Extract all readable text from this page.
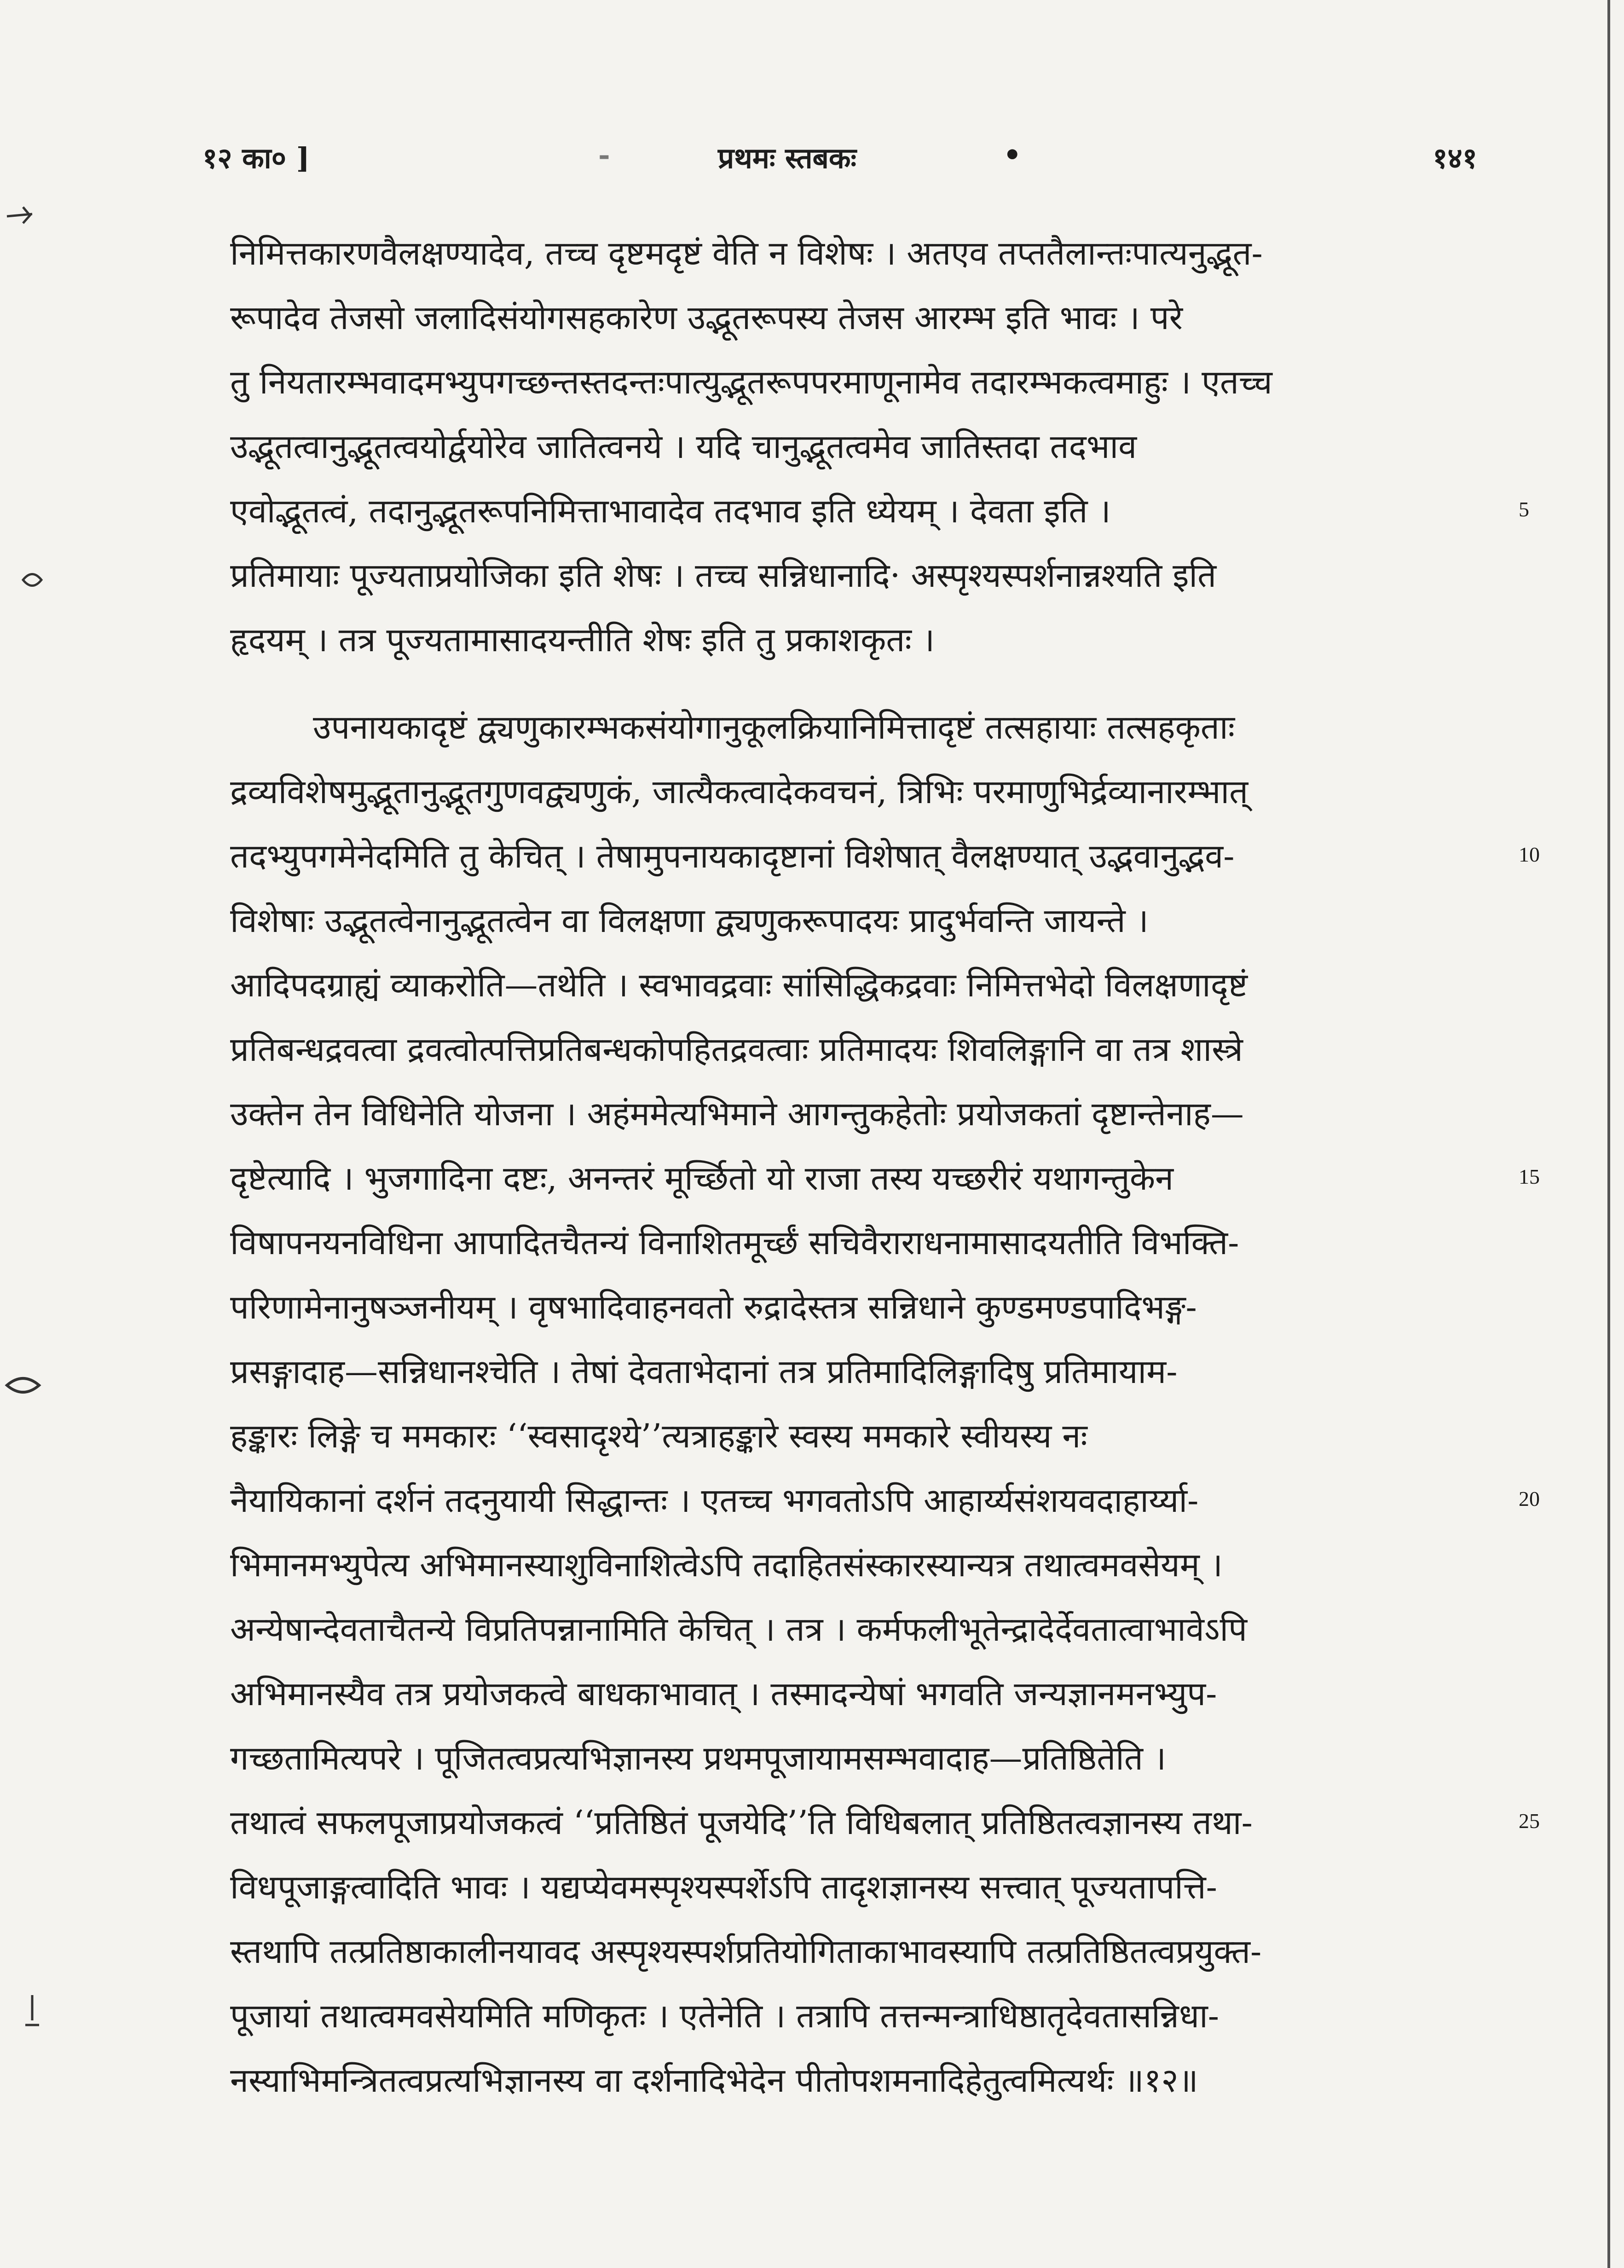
१२ का० ]	-	प्रथमः स्तबकः	•	१४१
निमित्तकारणवैलक्षण्यादेव, तच्च दृष्टमदृष्टं वेति न विशेषः । अतएव तप्ततैलान्तःपात्यनुद्भूत-
रूपादेव तेजसो जलादिसंयोगसहकारेण उद्भूतरूपस्य तेजस आरम्भ इति भावः । परे
तु नियतारम्भवादमभ्युपगच्छन्तस्तदन्तःपात्युद्भूतरूपपरमाणूनामेव तदारम्भकत्वमाहुः । एतच्च
उद्भूतत्वानुद्भूतत्वयोर्द्वयोरेव जातित्वनये । यदि चानुद्भूतत्वमेव जातिस्तदा तदभाव
एवोद्भूतत्वं, तदानुद्भूतरूपनिमित्ताभावादेव तदभाव इति ध्येयम् । देवता इति ।
प्रतिमायाः पूज्यताप्रयोजिका इति शेषः । तच्च सन्निधानादि· अस्पृश्यस्पर्शनान्नश्यति इति
हृदयम् । तत्र पूज्यतामासादयन्तीति शेषः इति तु प्रकाशकृतः ।
उपनायकादृष्टं द्व्यणुकारम्भकसंयोगानुकूलक्रियानिमित्तादृष्टं तत्सहायाः तत्सहकृताः
द्रव्यविशेषमुद्भूतानुद्भूतगुणवद्व्यणुकं, जात्यैकत्वादेकवचनं, त्रिभिः परमाणुभिर्द्रव्यानारम्भात्
तदभ्युपगमेनेदमिति तु केचित् । तेषामुपनायकादृष्टानां विशेषात् वैलक्षण्यात् उद्भवानुद्भव-
विशेषाः उद्भूतत्वेनानुद्भूतत्वेन वा विलक्षणा द्व्यणुकरूपादयः प्रादुर्भवन्ति जायन्ते ।
आदिपदग्राह्यं व्याकरोति—तथेति । स्वभावद्रवाः सांसिद्धिकद्रवाः निमित्तभेदो विलक्षणादृष्टं
प्रतिबन्धद्रवत्वा द्रवत्वोत्पत्तिप्रतिबन्धकोपहितद्रवत्वाः प्रतिमादयः शिवलिङ्गानि वा तत्र शास्त्रे
उक्तेन तेन विधिनेति योजना । अहंममेत्यभिमाने आगन्तुकहेतोः प्रयोजकतां दृष्टान्तेनाह—
दृष्टेत्यादि । भुजगादिना दष्टः, अनन्तरं मूर्च्छितो यो राजा तस्य यच्छरीरं यथागन्तुकेन
विषापनयनविधिना आपादितचैतन्यं विनाशितमूर्च्छं सचिवैराराधनामासादयतीति विभक्ति-
परिणामेनानुषञ्जनीयम् । वृषभादिवाहनवतो रुद्रादेस्तत्र सन्निधाने कुण्डमण्डपादिभङ्ग-
प्रसङ्गादाह—सन्निधानश्चेति । तेषां देवताभेदानां तत्र प्रतिमादिलिङ्गादिषु प्रतिमायाम-
हङ्कारः लिङ्गे च ममकारः ‘‘स्वसादृश्ये’’त्यत्राहङ्कारे स्वस्य ममकारे स्वीयस्य नः
नैयायिकानां दर्शनं तदनुयायी सिद्धान्तः । एतच्च भगवतोऽपि आहार्य्यसंशयवदाहार्य्या-
भिमानमभ्युपेत्य अभिमानस्याशुविनाशित्वेऽपि तदाहितसंस्कारस्यान्यत्र तथात्वमवसेयम् ।
अन्येषान्देवताचैतन्ये विप्रतिपन्नानामिति केचित् । तत्र । कर्मफलीभूतेन्द्रादेर्देवतात्वाभावेऽपि
अभिमानस्यैव तत्र प्रयोजकत्वे बाधकाभावात् । तस्मादन्येषां भगवति जन्यज्ञानमनभ्युप-
गच्छतामित्यपरे । पूजितत्वप्रत्यभिज्ञानस्य प्रथमपूजायामसम्भवादाह—प्रतिष्ठितेति ।
तथात्वं सफलपूजाप्रयोजकत्वं ‘‘प्रतिष्ठितं पूजयेदि’’ति विधिबलात् प्रतिष्ठितत्वज्ञानस्य तथा-
विधपूजाङ्गत्वादिति भावः । यद्यप्येवमस्पृश्यस्पर्शेऽपि तादृशज्ञानस्य सत्त्वात् पूज्यतापत्ति-
स्तथापि तत्प्रतिष्ठाकालीनयावद अस्पृश्यस्पर्शप्रतियोगिताकाभावस्यापि तत्प्रतिष्ठितत्वप्रयुक्त-
पूजायां तथात्वमवसेयमिति मणिकृतः । एतेनेति । तत्रापि तत्तन्मन्त्राधिष्ठातृदेवतासन्निधा-
नस्याभिमन्त्रितत्वप्रत्यभिज्ञानस्य वा दर्शनादिभेदेन पीतोपशमनादिहेतुत्वमित्यर्थः ॥१२॥
5
10
15
20
25
